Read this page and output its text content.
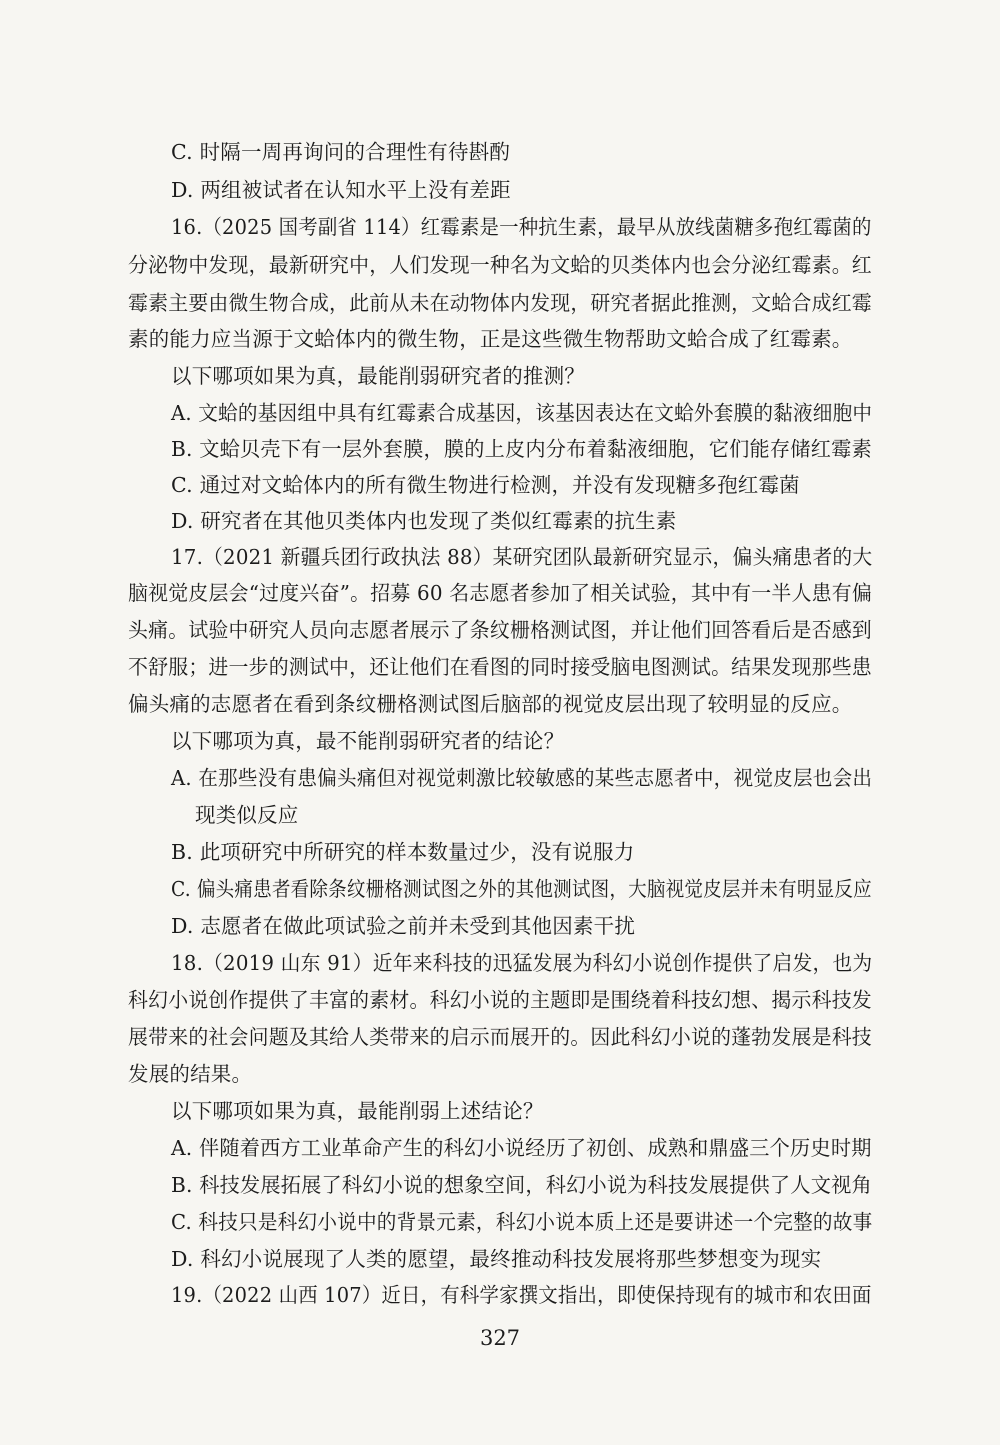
C. 时隔一周再询问的合理性有待斟酌
D. 两组被试者在认知水平上没有差距
16.（2025 国考副省 114）红霉素是一种抗生素，最早从放线菌糖多孢红霉菌的
分泌物中发现，最新研究中，人们发现一种名为文蛤的贝类体内也会分泌红霉素。红
霉素主要由微生物合成，此前从未在动物体内发现，研究者据此推测，文蛤合成红霉
素的能力应当源于文蛤体内的微生物，正是这些微生物帮助文蛤合成了红霉素。
以下哪项如果为真，最能削弱研究者的推测？
A. 文蛤的基因组中具有红霉素合成基因，该基因表达在文蛤外套膜的黏液细胞中
B. 文蛤贝壳下有一层外套膜，膜的上皮内分布着黏液细胞，它们能存储红霉素
C. 通过对文蛤体内的所有微生物进行检测，并没有发现糖多孢红霉菌
D. 研究者在其他贝类体内也发现了类似红霉素的抗生素
17.（2021 新疆兵团行政执法 88）某研究团队最新研究显示，偏头痛患者的大
脑视觉皮层会“过度兴奋”。招募 60 名志愿者参加了相关试验，其中有一半人患有偏
头痛。试验中研究人员向志愿者展示了条纹栅格测试图，并让他们回答看后是否感到
不舒服；进一步的测试中，还让他们在看图的同时接受脑电图测试。结果发现那些患
偏头痛的志愿者在看到条纹栅格测试图后脑部的视觉皮层出现了较明显的反应。
以下哪项为真，最不能削弱研究者的结论？
A. 在那些没有患偏头痛但对视觉刺激比较敏感的某些志愿者中，视觉皮层也会出
现类似反应
B. 此项研究中所研究的样本数量过少，没有说服力
C. 偏头痛患者看除条纹栅格测试图之外的其他测试图，大脑视觉皮层并未有明显反应
D. 志愿者在做此项试验之前并未受到其他因素干扰
18.（2019 山东 91）近年来科技的迅猛发展为科幻小说创作提供了启发，也为
科幻小说创作提供了丰富的素材。科幻小说的主题即是围绕着科技幻想、揭示科技发
展带来的社会问题及其给人类带来的启示而展开的。因此科幻小说的蓬勃发展是科技
发展的结果。
以下哪项如果为真，最能削弱上述结论？
A. 伴随着西方工业革命产生的科幻小说经历了初创、成熟和鼎盛三个历史时期
B. 科技发展拓展了科幻小说的想象空间，科幻小说为科技发展提供了人文视角
C. 科技只是科幻小说中的背景元素，科幻小说本质上还是要讲述一个完整的故事
D. 科幻小说展现了人类的愿望，最终推动科技发展将那些梦想变为现实
19.（2022 山西 107）近日，有科学家撰文指出，即使保持现有的城市和农田面
327
